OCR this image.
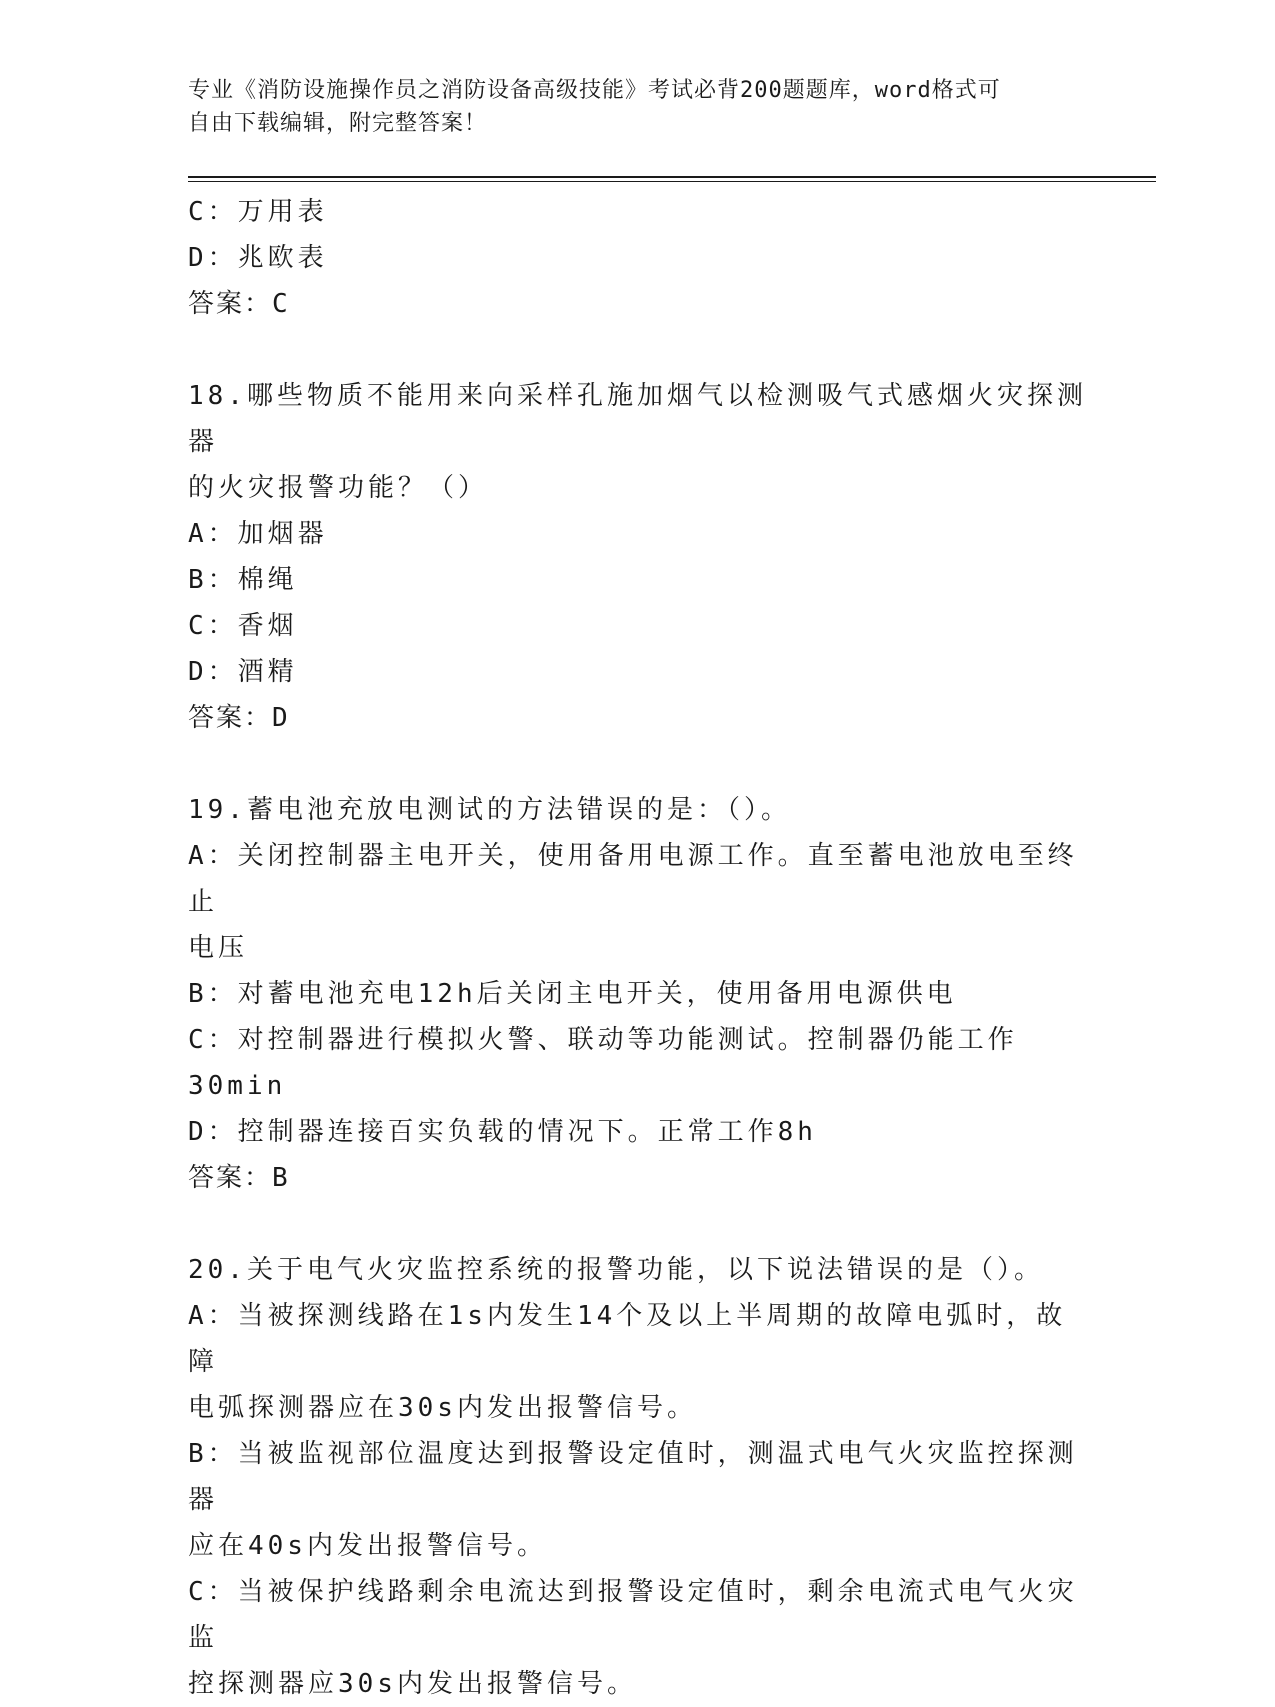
专业《消防设施操作员之消防设备高级技能》考试必背200题题库，word格式可
自由下载编辑，附完整答案！
C：万用表
D：兆欧表
答案：C
18.哪些物质不能用来向采样孔施加烟气以检测吸气式感烟火灾探测器
的火灾报警功能？（）
A：加烟器
B：棉绳
C：香烟
D：酒精
答案：D
19.蓄电池充放电测试的方法错误的是：（）。
A：关闭控制器主电开关，使用备用电源工作。直至蓄电池放电至终止
电压
B：对蓄电池充电12h后关闭主电开关，使用备用电源供电
C：对控制器进行模拟火警、联动等功能测试。控制器仍能工作30min
D：控制器连接百实负载的情况下。正常工作8h
答案：B
20.关于电气火灾监控系统的报警功能，以下说法错误的是（）。
A：当被探测线路在1s内发生14个及以上半周期的故障电弧时，故障
电弧探测器应在30s内发出报警信号。
B：当被监视部位温度达到报警设定值时，测温式电气火灾监控探测器
应在40s内发出报警信号。
C：当被保护线路剩余电流达到报警设定值时，剩余电流式电气火灾监
控探测器应30s内发出报警信号。
